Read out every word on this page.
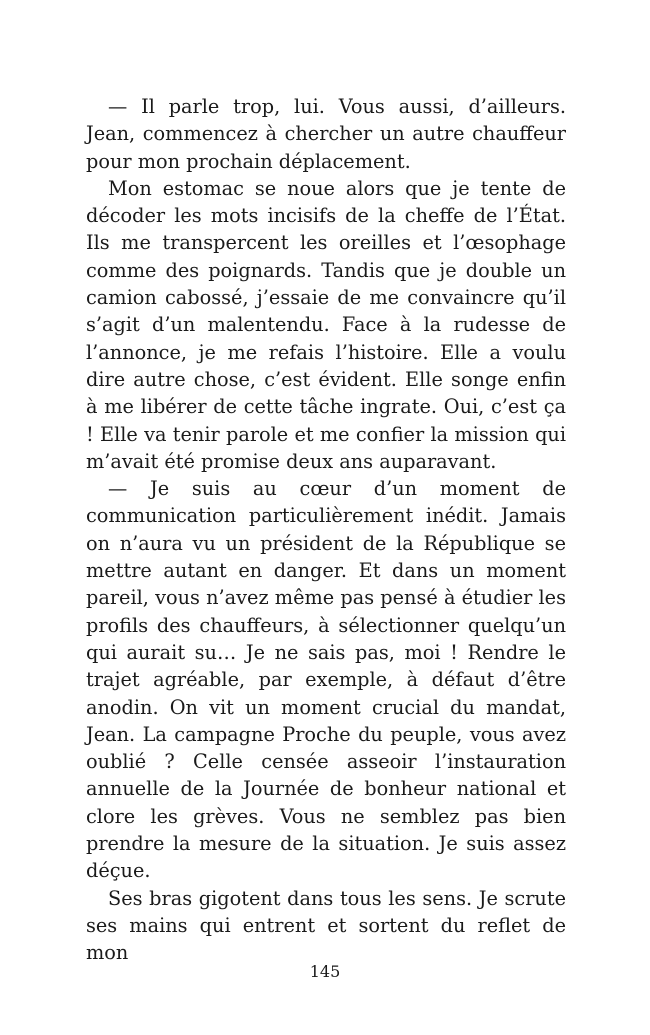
— Il parle trop, lui. Vous aussi, d’ailleurs. Jean, commencez à chercher un autre chauffeur pour mon prochain déplacement.

Mon estomac se noue alors que je tente de décoder les mots incisifs de la cheffe de l’État. Ils me transpercent les oreilles et l’œsophage comme des poignards. Tandis que je double un camion cabossé, j’essaie de me convaincre qu’il s’agit d’un malentendu. Face à la rudesse de l’annonce, je me refais l’histoire. Elle a voulu dire autre chose, c’est évident. Elle songe enfin à me libérer de cette tâche ingrate. Oui, c’est ça ! Elle va tenir parole et me confier la mission qui m’avait été promise deux ans auparavant.

— Je suis au cœur d’un moment de communication particulièrement inédit. Jamais on n’aura vu un président de la République se mettre autant en danger. Et dans un moment pareil, vous n’avez même pas pensé à étudier les profils des chauffeurs, à sélectionner quelqu’un qui aurait su… Je ne sais pas, moi ! Rendre le trajet agréable, par exemple, à défaut d’être anodin. On vit un moment crucial du mandat, Jean. La campagne Proche du peuple, vous avez oublié ? Celle censée asseoir l’instauration annuelle de la Journée de bonheur national et clore les grèves. Vous ne semblez pas bien prendre la mesure de la situation. Je suis assez déçue.

Ses bras gigotent dans tous les sens. Je scrute ses mains qui entrent et sortent du reflet de mon

145
